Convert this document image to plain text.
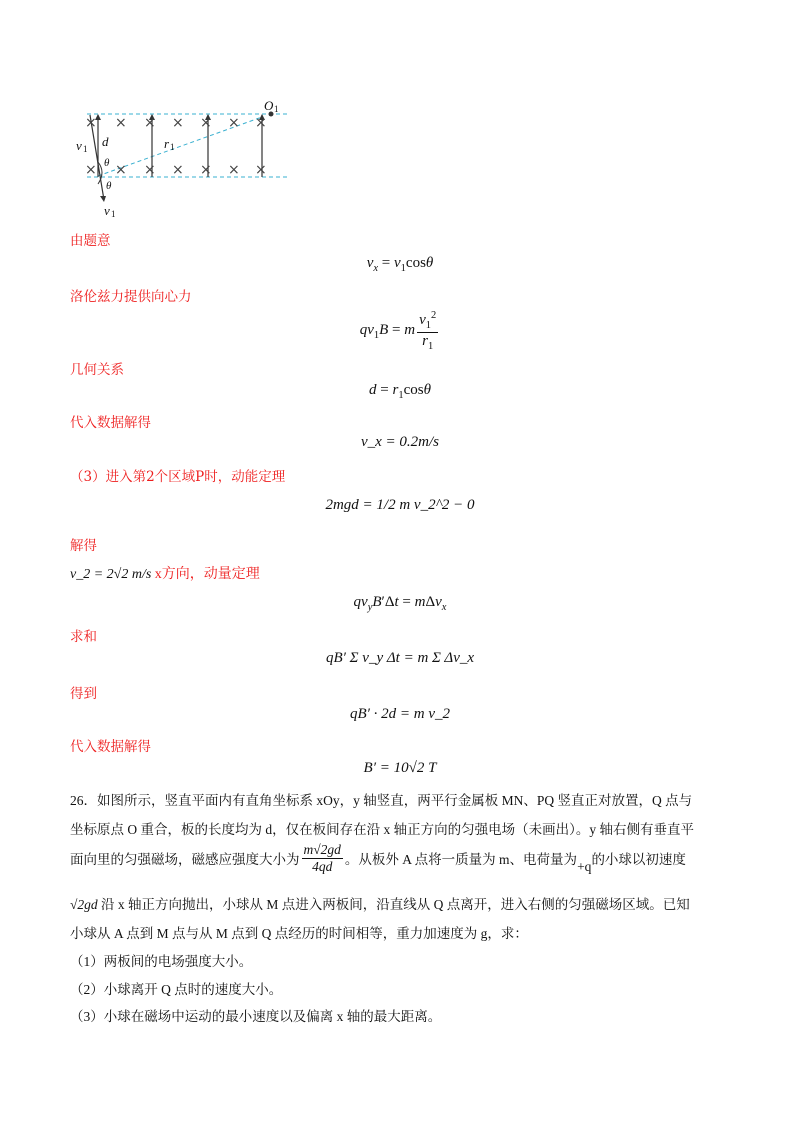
× × × × × × ×
× × × × × × ×
O 1
v 1 d	r 1
θ
θ
1
v
由题意
$v_x = v_1\cos\theta$
洛伦兹力提供向心力
$qv_1B = m \frac{v_1^2}{r_1}$
几何关系
$d = r_1\cos\theta$
代入数据解得
v_x = 0.2m/s
（3）进入第2个区域P时，动能定理
2mgd = 1/2 m v_2^2 − 0
解得
v_2 = 2√2 m/s x方向，动量定理
$qv_yB'\Delta t = m\Delta v_x$
求和
qB′ Σ v_y Δt = m Σ Δv_x
得到
qB′ · 2d = m v_2
代入数据解得
B′ = 10√2 T
26．如图所示，竖直平面内有直角坐标系 xOy，y 轴竖直，两平行金属板 MN、PQ 竖直正对放置，Q 点与
坐标原点 O 重合，板的长度均为 d，仅在板间存在沿 x 轴正方向的匀强电场（未画出）。y 轴右侧有垂直平
面向里的匀强磁场，磁感应强度大小为 $\frac{m√2gd}{4qd}$ 。从板外 A 点将一质量为 m、电荷量为 +q 的小球以初速度
√2gd 沿 x 轴正方向抛出，小球从 M 点进入两板间，沿直线从 Q 点离开，进入右侧的匀强磁场区域。已知
小球从 A 点到 M 点与从 M 点到 Q 点经历的时间相等，重力加速度为 g，求：
（1）两板间的电场强度大小。
（2）小球离开 Q 点时的速度大小。
（3）小球在磁场中运动的最小速度以及偏离 x 轴的最大距离。
